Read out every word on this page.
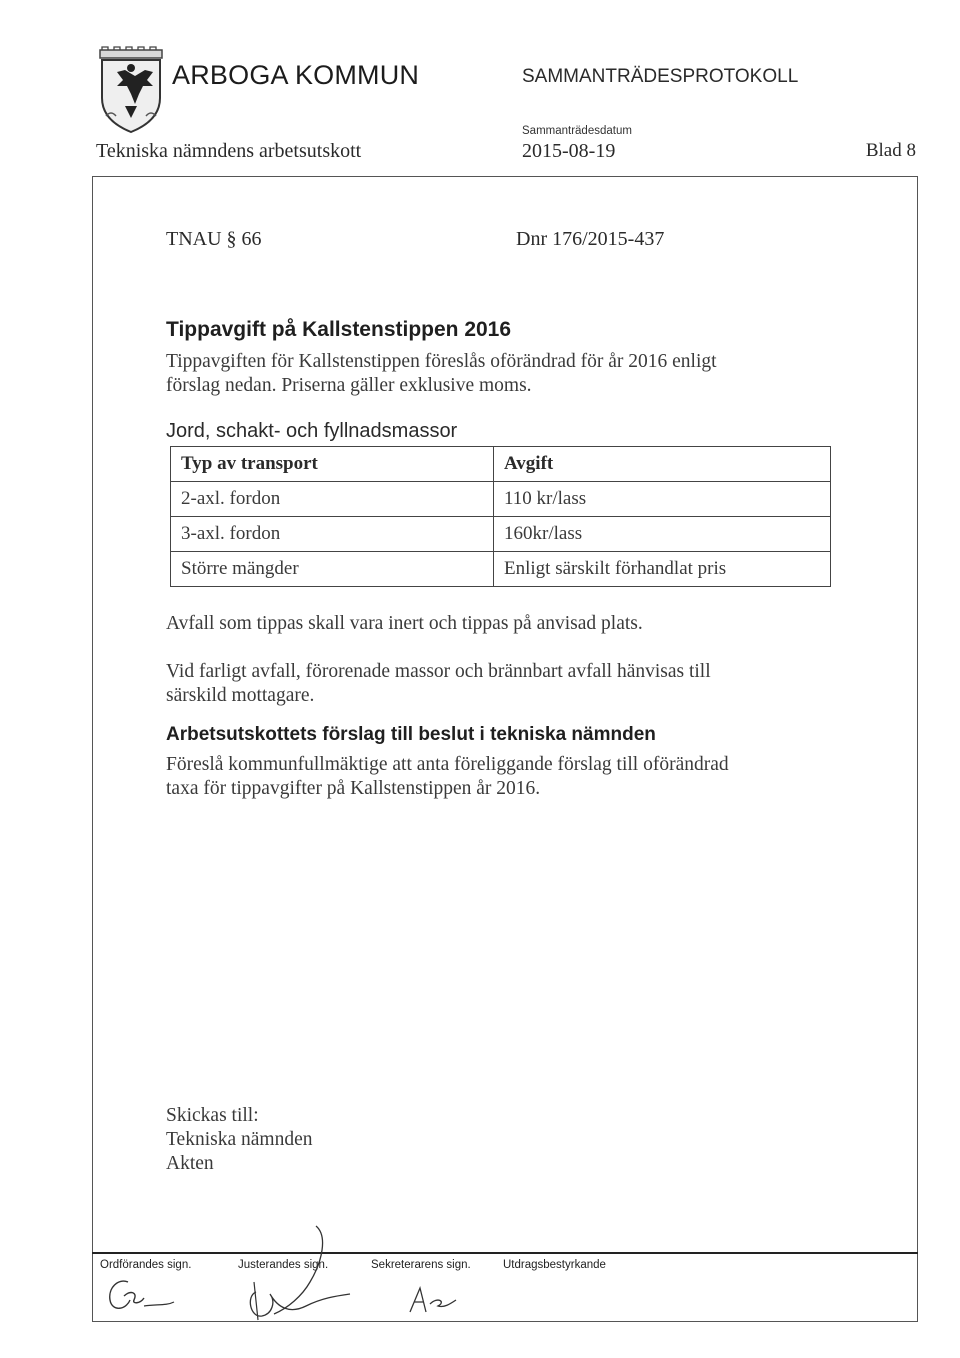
ARBOGA KOMMUN	SAMMANTRÄDESPROTOKOLL
Sammanträdesdatum
Tekniska nämndens arbetsutskott	2015-08-19	Blad 8
TNAU § 66	Dnr 176/2015-437
Tippavgift på Kallstenstippen 2016
Tippavgiften för Kallstenstippen föreslås oförändrad för år 2016 enligt
förslag nedan. Priserna gäller exklusive moms.
Jord, schakt- och fyllnadsmassor
Typ av transport	Avgift
2-axl. fordon	110 kr/lass
3-axl. fordon	160kr/lass
Större mängder	Enligt särskilt förhandlat pris
Avfall som tippas skall vara inert och tippas på anvisad plats.
Vid farligt avfall, förorenade massor och brännbart avfall hänvisas till
särskild mottagare.
Arbetsutskottets förslag till beslut i tekniska nämnden
Föreslå kommunfullmäktige att anta föreliggande förslag till oförändrad
taxa för tippavgifter på Kallstenstippen år 2016.
Skickas till:
Tekniska nämnden
Akten
Ordförandes sign.	Justerandes sign.	Sekreterarens sign.	Utdragsbestyrkande
